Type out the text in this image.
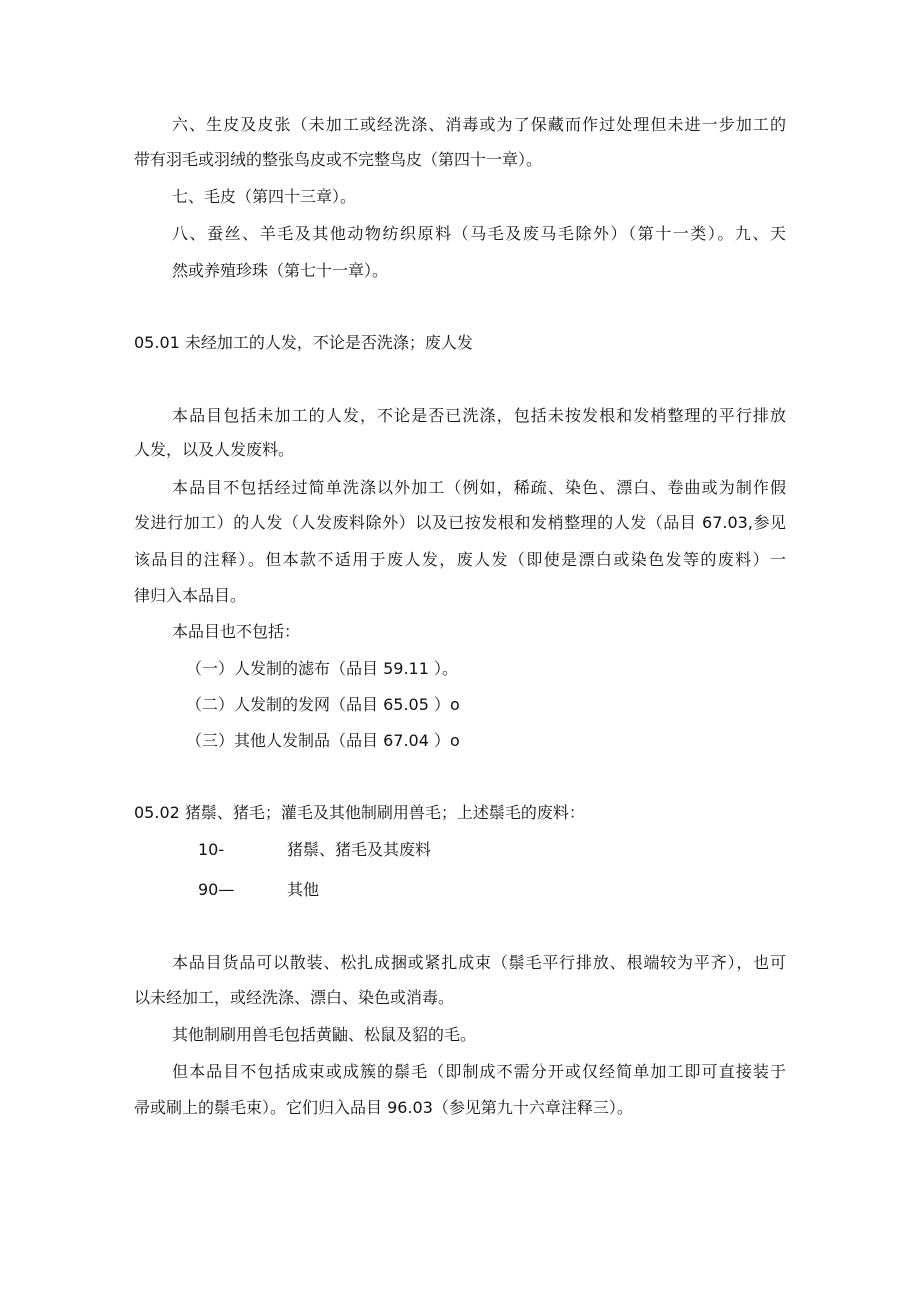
六、生皮及皮张（未加工或经洗涤、消毒或为了保藏而作过处理但未进一步加工的
带有羽毛或羽绒的整张鸟皮或不完整鸟皮（第四十一章）。
七、毛皮（第四十三章）。
八、蚕丝、羊毛及其他动物纺织原料（马毛及废马毛除外）（第十一类）。九、天
然或养殖珍珠（第七十一章）。
05.01 未经加工的人发，不论是否洗涤；废人发
本品目包括未加工的人发，不论是否已洗涤，包括未按发根和发梢整理的平行排放
人发，以及人发废料。
本品目不包括经过简单洗涤以外加工（例如，稀疏、染色、漂白、卷曲或为制作假
发进行加工）的人发（人发废料除外）以及已按发根和发梢整理的人发（品目 67.03,参见
该品目的注释）。但本款不适用于废人发，废人发（即使是漂白或染色发等的废料）一
律归入本品目。
本品目也不包括：
（一）人发制的滤布（品目 59.11 ）。
（二）人发制的发网（品目 65.05 ）o
（三）其他人发制品（品目 67.04 ）o
05.02 猪鬃、猪毛；灌毛及其他制刷用兽毛；上述鬃毛的废料：
10-	猪鬃、猪毛及其废料
90—	其他
本品目货品可以散装、松扎成捆或紧扎成束（鬃毛平行排放、根端较为平齐），也可
以未经加工，或经洗涤、漂白、染色或消毒。
其他制刷用兽毛包括黄鼬、松鼠及貂的毛。
但本品目不包括成束或成簇的鬃毛（即制成不需分开或仅经简单加工即可直接装于
帚或刷上的鬃毛束）。它们归入品目 96.03（参见第九十六章注释三）。
